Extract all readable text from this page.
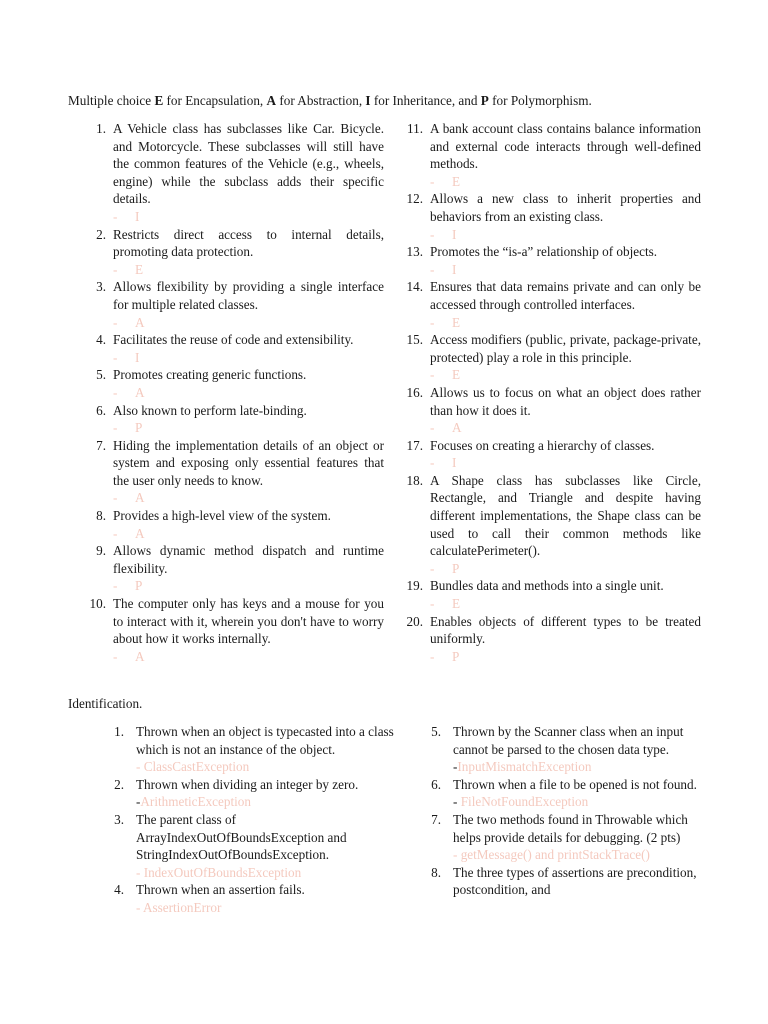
Multiple choice E for Encapsulation, A for Abstraction, I for Inheritance, and P for Polymorphism.
1. A Vehicle class has subclasses like Car. Bicycle. and Motorcycle. These subclasses will still have the common features of the Vehicle (e.g., wheels, engine) while the subclass adds their specific details.
- I
2. Restricts direct access to internal details, promoting data protection.
- E
3. Allows flexibility by providing a single interface for multiple related classes.
- A
4. Facilitates the reuse of code and extensibility.
- I
5. Promotes creating generic functions.
- A
6. Also known to perform late-binding.
- P
7. Hiding the implementation details of an object or system and exposing only essential features that the user only needs to know.
- A
8. Provides a high-level view of the system.
- A
9. Allows dynamic method dispatch and runtime flexibility.
- P
10. The computer only has keys and a mouse for you to interact with it, wherein you don't have to worry about how it works internally.
- A
11. A bank account class contains balance information and external code interacts through well-defined methods.
- E
12. Allows a new class to inherit properties and behaviors from an existing class.
- I
13. Promotes the “is-a” relationship of objects.
- I
14. Ensures that data remains private and can only be accessed through controlled interfaces.
- E
15. Access modifiers (public, private, package-private, protected) play a role in this principle.
- E
16. Allows us to focus on what an object does rather than how it does it.
- A
17. Focuses on creating a hierarchy of classes.
- I
18. A Shape class has subclasses like Circle, Rectangle, and Triangle and despite having different implementations, the Shape class can be used to call their common methods like calculatePerimeter().
- P
19. Bundles data and methods into a single unit.
- E
20. Enables objects of different types to be treated uniformly.
- P
Identification.
1. Thrown when an object is typecasted into a class which is not an instance of the object.
- ClassCastException
2. Thrown when dividing an integer by zero.
-ArithmeticException
3. The parent class of ArrayIndexOutOfBoundsException and StringIndexOutOfBoundsException.
- IndexOutOfBoundsException
4. Thrown when an assertion fails.
- AssertionError
5. Thrown by the Scanner class when an input cannot be parsed to the chosen data type.
-InputMismatchException
6. Thrown when a file to be opened is not found.
- FileNotFoundException
7. The two methods found in Throwable which helps provide details for debugging. (2 pts)
- getMessage() and printStackTrace()
8. The three types of assertions are precondition, postcondition, and
